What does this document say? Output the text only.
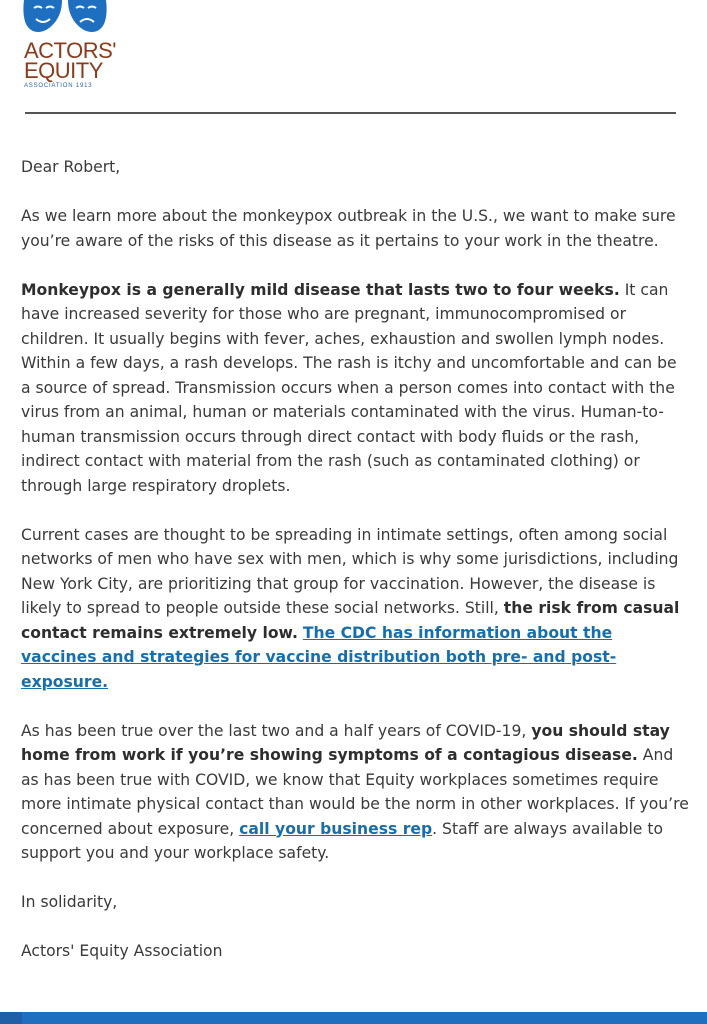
ACTORS'
EQUITY
ASSOCIATION 1913

Dear Robert,

As we learn more about the monkeypox outbreak in the U.S., we want to make sure you’re aware of the risks of this disease as it pertains to your work in the theatre.

Monkeypox is a generally mild disease that lasts two to four weeks. It can have increased severity for those who are pregnant, immunocompromised or children. It usually begins with fever, aches, exhaustion and swollen lymph nodes. Within a few days, a rash develops. The rash is itchy and uncomfortable and can be a source of spread. Transmission occurs when a person comes into contact with the virus from an animal, human or materials contaminated with the virus. Human-to-human transmission occurs through direct contact with body fluids or the rash, indirect contact with material from the rash (such as contaminated clothing) or through large respiratory droplets.

Current cases are thought to be spreading in intimate settings, often among social networks of men who have sex with men, which is why some jurisdictions, including New York City, are prioritizing that group for vaccination. However, the disease is likely to spread to people outside these social networks. Still, the risk from casual contact remains extremely low. The CDC has information about the vaccines and strategies for vaccine distribution both pre- and post-exposure.

As has been true over the last two and a half years of COVID-19, you should stay home from work if you’re showing symptoms of a contagious disease. And as has been true with COVID, we know that Equity workplaces sometimes require more intimate physical contact than would be the norm in other workplaces. If you’re concerned about exposure, call your business rep. Staff are always available to support you and your workplace safety.

In solidarity,

Actors' Equity Association
